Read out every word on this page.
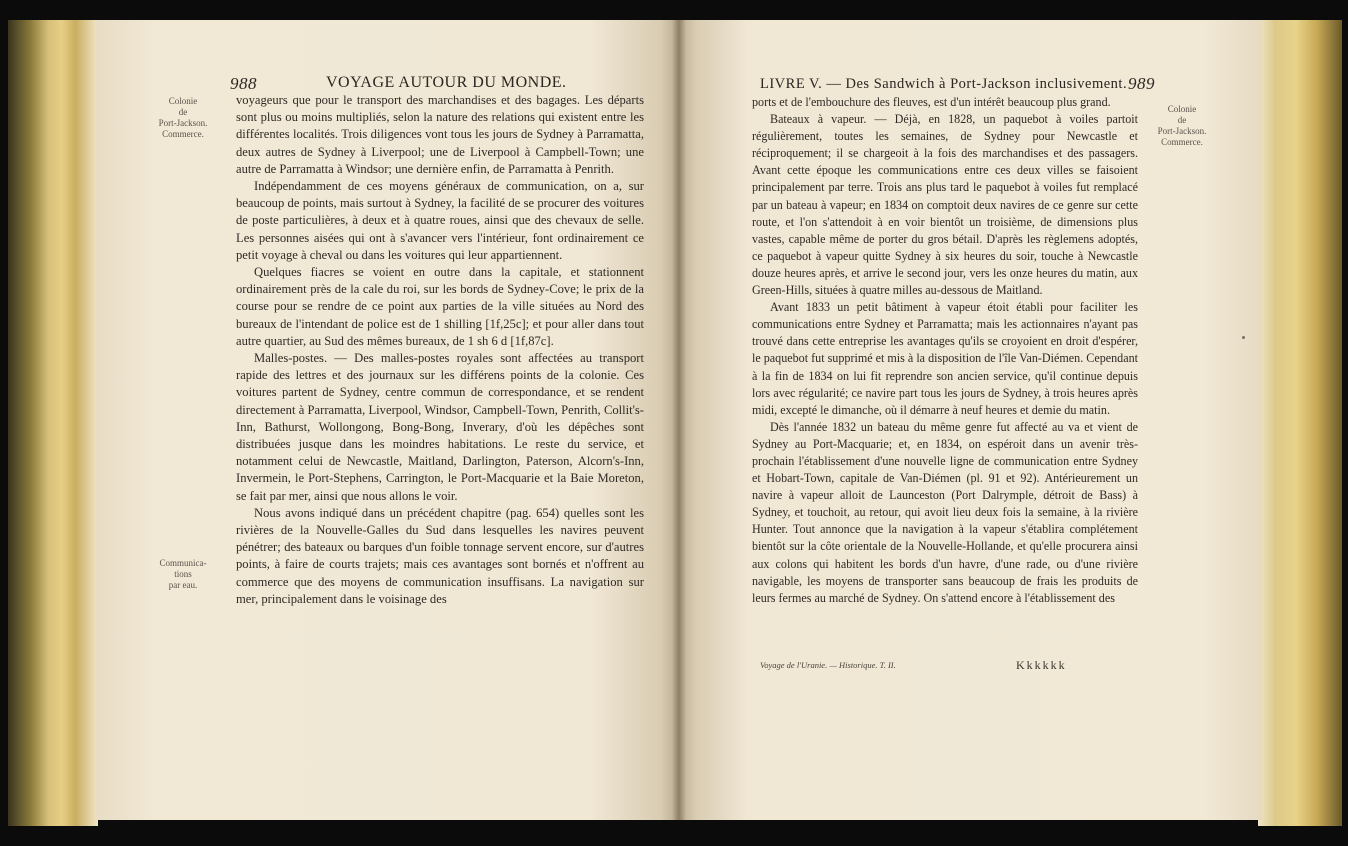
988	VOYAGE AUTOUR DU MONDE.
Colonie
de
Port-Jackson.
Commerce.
Communica-
tions
par eau.

voyageurs que pour le transport des marchandises et des bagages. Les départs sont plus ou moins multipliés, selon la nature des relations qui existent entre les différentes localités. Trois diligences vont tous les jours de Sydney à Parramatta, deux autres de Sydney à Liverpool; une de Liverpool à Campbell-Town; une autre de Parramatta à Windsor; une dernière enfin, de Parramatta à Penrith.

Indépendamment de ces moyens généraux de communication, on a, sur beaucoup de points, mais surtout à Sydney, la facilité de se procurer des voitures de poste particulières, à deux et à quatre roues, ainsi que des chevaux de selle. Les personnes aisées qui ont à s'avancer vers l'intérieur, font ordinairement ce petit voyage à cheval ou dans les voitures qui leur appartiennent.

Quelques fiacres se voient en outre dans la capitale, et stationnent ordinairement près de la cale du roi, sur les bords de Sydney-Cove; le prix de la course pour se rendre de ce point aux parties de la ville situées au Nord des bureaux de l'intendant de police est de 1 shilling [1f,25c]; et pour aller dans tout autre quartier, au Sud des mêmes bureaux, de 1 sh 6 d [1f,87c].

Malles-postes. — Des malles-postes royales sont affectées au transport rapide des lettres et des journaux sur les différens points de la colonie. Ces voitures partent de Sydney, centre commun de correspondance, et se rendent directement à Parramatta, Liverpool, Windsor, Campbell-Town, Penrith, Collit's-Inn, Bathurst, Wollongong, Bong-Bong, Inverary, d'où les dépêches sont distribuées jusque dans les moindres habitations. Le reste du service, et notamment celui de Newcastle, Maitland, Darlington, Paterson, Alcorn's-Inn, Invermein, le Port-Stephens, Carrington, le Port-Macquarie et la Baie Moreton, se fait par mer, ainsi que nous allons le voir.

Nous avons indiqué dans un précédent chapitre (pag. 654) quelles sont les rivières de la Nouvelle-Galles du Sud dans lesquelles les navires peuvent pénétrer; des bateaux ou barques d'un foible tonnage servent encore, sur d'autres points, à faire de courts trajets; mais ces avantages sont bornés et n'offrent au commerce que des moyens de communication insuffisans. La navigation sur mer, principalement dans le voisinage des

LIVRE V. — Des Sandwich à Port-Jackson inclusivement. 989
Colonie
de
Port-Jackson.
Commerce.

ports et de l'embouchure des fleuves, est d'un intérêt beaucoup plus grand.

Bateaux à vapeur. — Déjà, en 1828, un paquebot à voiles partoit régulièrement, toutes les semaines, de Sydney pour Newcastle et réciproquement; il se chargeoit à la fois des marchandises et des passagers. Avant cette époque les communications entre ces deux villes se faisoient principalement par terre. Trois ans plus tard le paquebot à voiles fut remplacé par un bateau à vapeur; en 1834 on comptoit deux navires de ce genre sur cette route, et l'on s'attendoit à en voir bientôt un troisième, de dimensions plus vastes, capable même de porter du gros bétail. D'après les règlemens adoptés, ce paquebot à vapeur quitte Sydney à six heures du soir, touche à Newcastle douze heures après, et arrive le second jour, vers les onze heures du matin, aux Green-Hills, situées à quatre milles au-dessous de Maitland.

Avant 1833 un petit bâtiment à vapeur étoit établi pour faciliter les communications entre Sydney et Parramatta; mais les actionnaires n'ayant pas trouvé dans cette entreprise les avantages qu'ils se croyoient en droit d'espérer, le paquebot fut supprimé et mis à la disposition de l'île Van-Diémen. Cependant à la fin de 1834 on lui fit reprendre son ancien service, qu'il continue depuis lors avec régularité; ce navire part tous les jours de Sydney, à trois heures après midi, excepté le dimanche, où il démarre à neuf heures et demie du matin.

Dès l'année 1832 un bateau du même genre fut affecté au va et vient de Sydney au Port-Macquarie; et, en 1834, on espéroit dans un avenir très-prochain l'établissement d'une nouvelle ligne de communication entre Sydney et Hobart-Town, capitale de Van-Diémen (pl. 91 et 92). Antérieurement un navire à vapeur alloit de Launceston (Port Dalrymple, détroit de Bass) à Sydney, et touchoit, au retour, qui avoit lieu deux fois la semaine, à la rivière Hunter. Tout annonce que la navigation à la vapeur s'établira complétement bientôt sur la côte orientale de la Nouvelle-Hollande, et qu'elle procurera ainsi aux colons qui habitent les bords d'un havre, d'une rade, ou d'une rivière navigable, les moyens de transporter sans beaucoup de frais les produits de leurs fermes au marché de Sydney. On s'attend encore à l'établissement des

Voyage de l'Uranie. — Historique. T. II.	Kkkkkk
